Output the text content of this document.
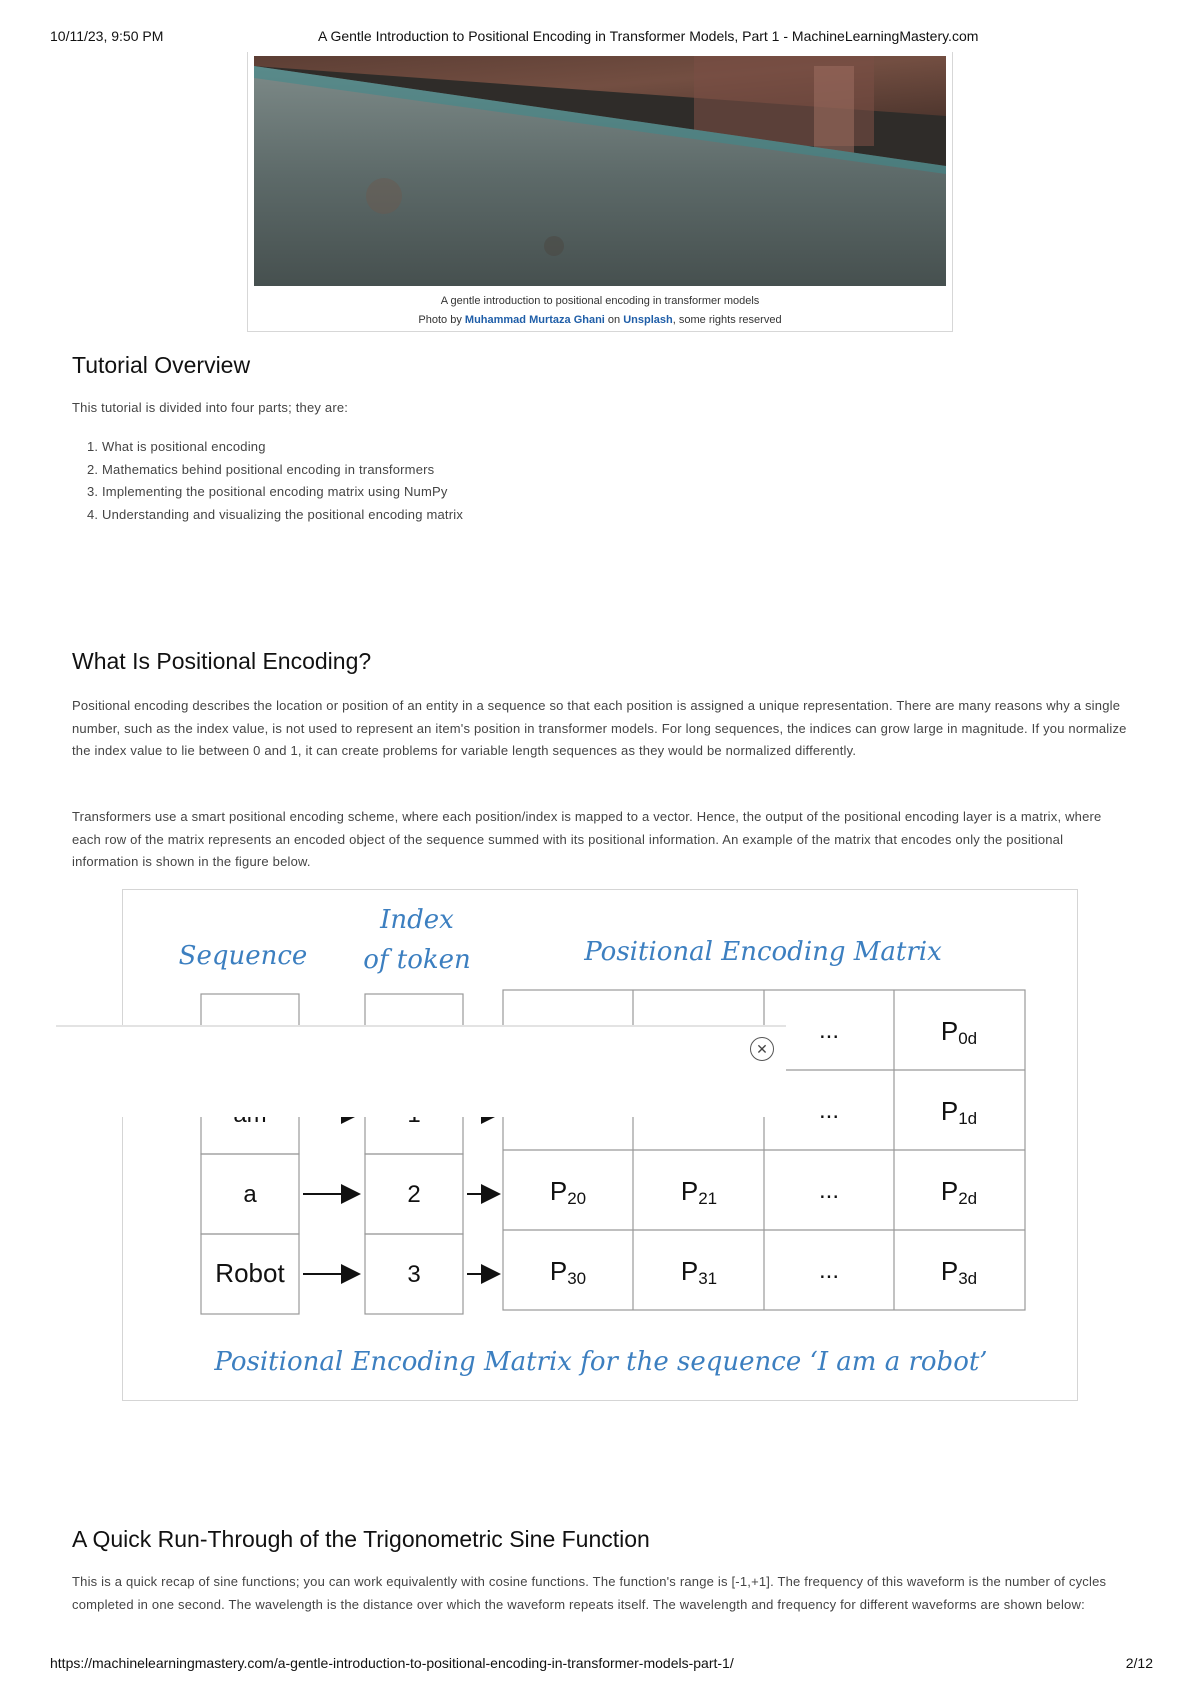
10/11/23, 9:50 PM	A Gentle Introduction to Positional Encoding in Transformer Models, Part 1 - MachineLearningMastery.com
A gentle introduction to positional encoding in transformer models
Photo by Muhammad Murtaza Ghani on Unsplash, some rights reserved
Tutorial Overview

This tutorial is divided into four parts; they are:

1. What is positional encoding
2. Mathematics behind positional encoding in transformers
3. Implementing the positional encoding matrix using NumPy
4. Understanding and visualizing the positional encoding matrix
What Is Positional Encoding?

Positional encoding describes the location or position of an entity in a sequence so that each position is assigned a unique representation. There are many reasons why a single number, such as the index value, is not used to represent an item's position in transformer models. For long sequences, the indices can grow large in magnitude. If you normalize the index value to lie between 0 and 1, it can create problems for variable length sequences as they would be normalized differently.

Transformers use a smart positional encoding scheme, where each position/index is mapped to a vector. Hence, the output of the positional encoding layer is a matrix, where each row of the matrix represents an encoded object of the sequence summed with its positional information. An example of the matrix that encodes only the positional information is shown in the figure below.

Sequence
Index
of token	Positional Encoding Matrix
...	P0d
...	P1d
a	2	P20	P21	...	P2d
Robot	3	P30	P31	...	P3d
Positional Encoding Matrix for the sequence ‘I am a robot’
✕
A Quick Run-Through of the Trigonometric Sine Function

This is a quick recap of sine functions; you can work equivalently with cosine functions. The function's range is [-1,+1]. The frequency of this waveform is the number of cycles completed in one second. The wavelength is the distance over which the waveform repeats itself. The wavelength and frequency for different waveforms are shown below:

https://machinelearningmastery.com/a-gentle-introduction-to-positional-encoding-in-transformer-models-part-1/	2/12
